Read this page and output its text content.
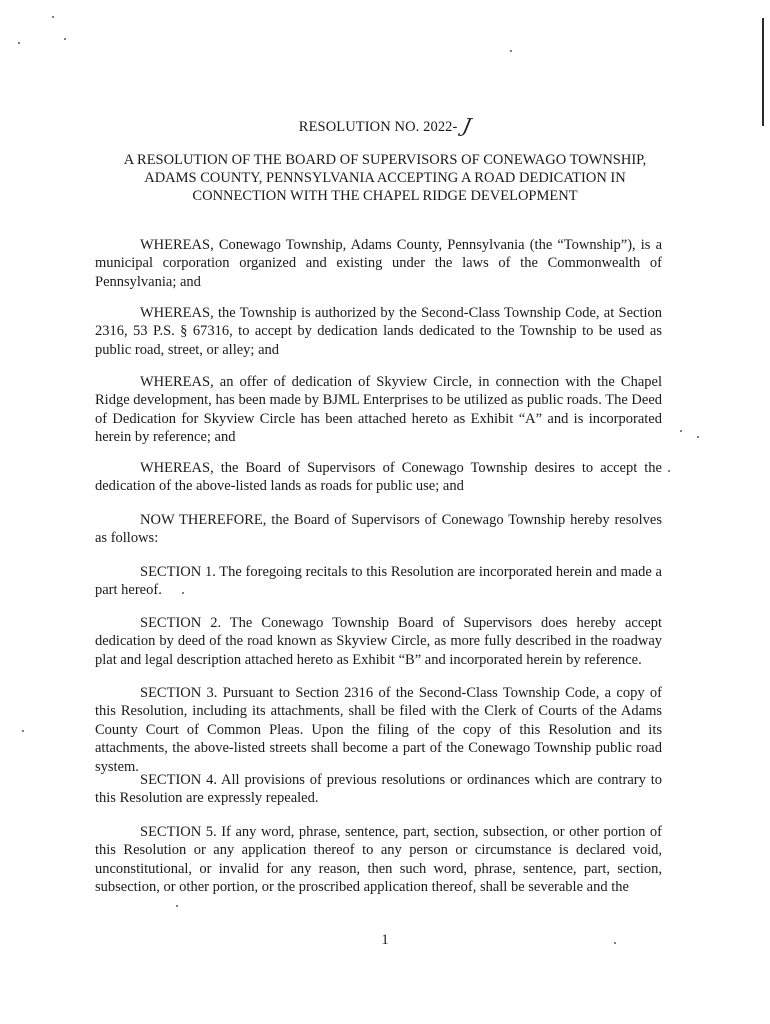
RESOLUTION NO. 2022- J
A RESOLUTION OF THE BOARD OF SUPERVISORS OF CONEWAGO TOWNSHIP,
ADAMS COUNTY, PENNSYLVANIA ACCEPTING A ROAD DEDICATION IN
CONNECTION WITH THE CHAPEL RIDGE DEVELOPMENT

WHEREAS, Conewago Township, Adams County, Pennsylvania (the “Township”), is a municipal corporation organized and existing under the laws of the Commonwealth of Pennsylvania; and

WHEREAS, the Township is authorized by the Second-Class Township Code, at Section 2316, 53 P.S. § 67316, to accept by dedication lands dedicated to the Township to be used as public road, street, or alley; and

WHEREAS, an offer of dedication of Skyview Circle, in connection with the Chapel Ridge development, has been made by BJML Enterprises to be utilized as public roads. The Deed of Dedication for Skyview Circle has been attached hereto as Exhibit “A” and is incorporated herein by reference; and

WHEREAS, the Board of Supervisors of Conewago Township desires to accept the dedication of the above-listed lands as roads for public use; and

NOW THEREFORE, the Board of Supervisors of Conewago Township hereby resolves as follows:

SECTION 1. The foregoing recitals to this Resolution are incorporated herein and made a part hereof.

SECTION 2. The Conewago Township Board of Supervisors does hereby accept dedication by deed of the road known as Skyview Circle, as more fully described in the roadway plat and legal description attached hereto as Exhibit “B” and incorporated herein by reference.

SECTION 3. Pursuant to Section 2316 of the Second-Class Township Code, a copy of this Resolution, including its attachments, shall be filed with the Clerk of Courts of the Adams County Court of Common Pleas. Upon the filing of the copy of this Resolution and its attachments, the above-listed streets shall become a part of the Conewago Township public road system.

SECTION 4. All provisions of previous resolutions or ordinances which are contrary to this Resolution are expressly repealed.

SECTION 5. If any word, phrase, sentence, part, section, subsection, or other portion of this Resolution or any application thereof to any person or circumstance is declared void, unconstitutional, or invalid for any reason, then such word, phrase, sentence, part, section, subsection, or other portion, or the proscribed application thereof, shall be severable and the

1
